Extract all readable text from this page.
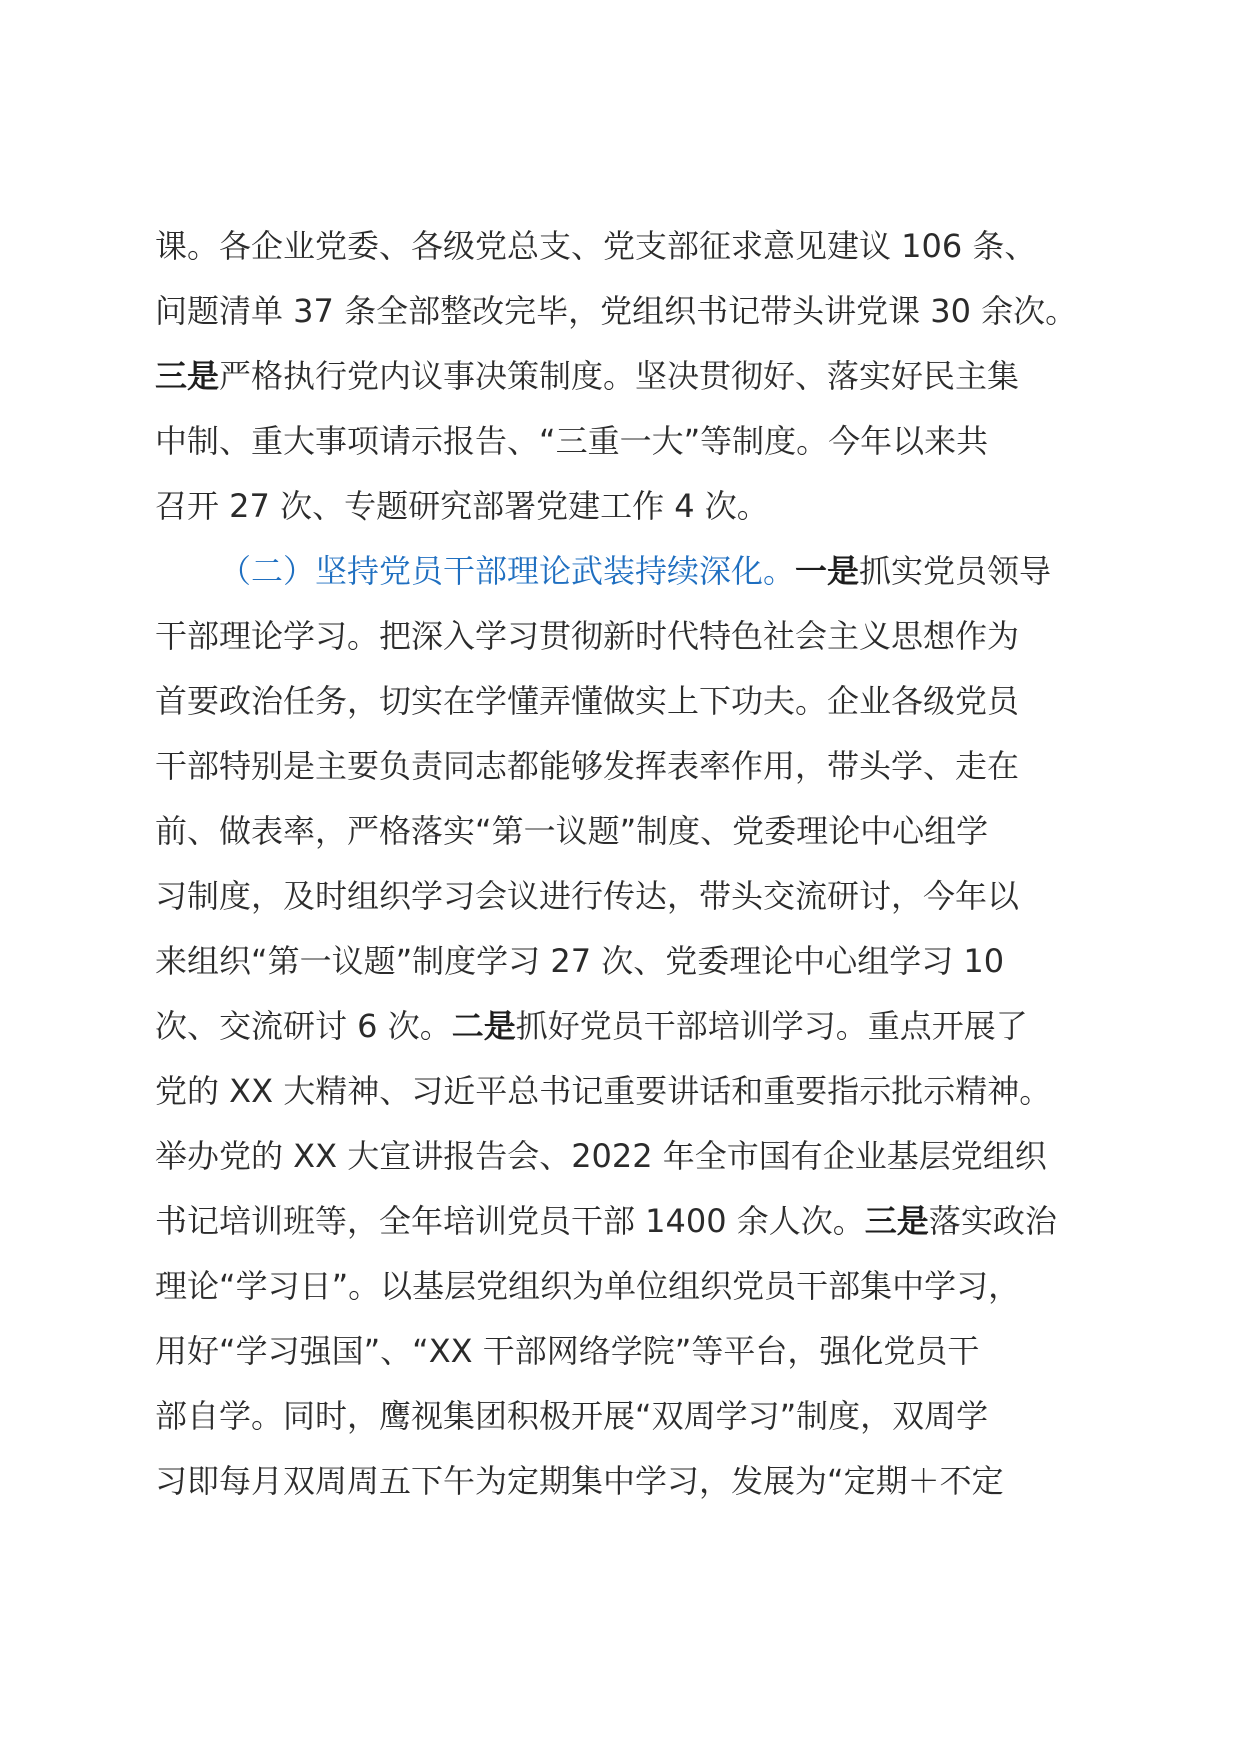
课。各企业党委、各级党总支、党支部征求意见建议 106 条、
问题清单 37 条全部整改完毕，党组织书记带头讲党课 30 余次。
三是严格执行党内议事决策制度。坚决贯彻好、落实好民主集
中制、重大事项请示报告、“三重一大”等制度。今年以来共
召开 27 次、专题研究部署党建工作 4 次。
（二）坚持党员干部理论武装持续深化。一是抓实党员领导
干部理论学习。把深入学习贯彻新时代特色社会主义思想作为
首要政治任务，切实在学懂弄懂做实上下功夫。企业各级党员
干部特别是主要负责同志都能够发挥表率作用，带头学、走在
前、做表率，严格落实“第一议题”制度、党委理论中心组学
习制度，及时组织学习会议进行传达，带头交流研讨，今年以
来组织“第一议题”制度学习 27 次、党委理论中心组学习 10
次、交流研讨 6 次。二是抓好党员干部培训学习。重点开展了
党的 XX 大精神、习近平总书记重要讲话和重要指示批示精神。
举办党的 XX 大宣讲报告会、2022 年全市国有企业基层党组织
书记培训班等，全年培训党员干部 1400 余人次。三是落实政治
理论“学习日”。以基层党组织为单位组织党员干部集中学习，
用好“学习强国”、“XX 干部网络学院”等平台，强化党员干
部自学。同时，鹰视集团积极开展“双周学习”制度，双周学
习即每月双周周五下午为定期集中学习，发展为“定期＋不定
